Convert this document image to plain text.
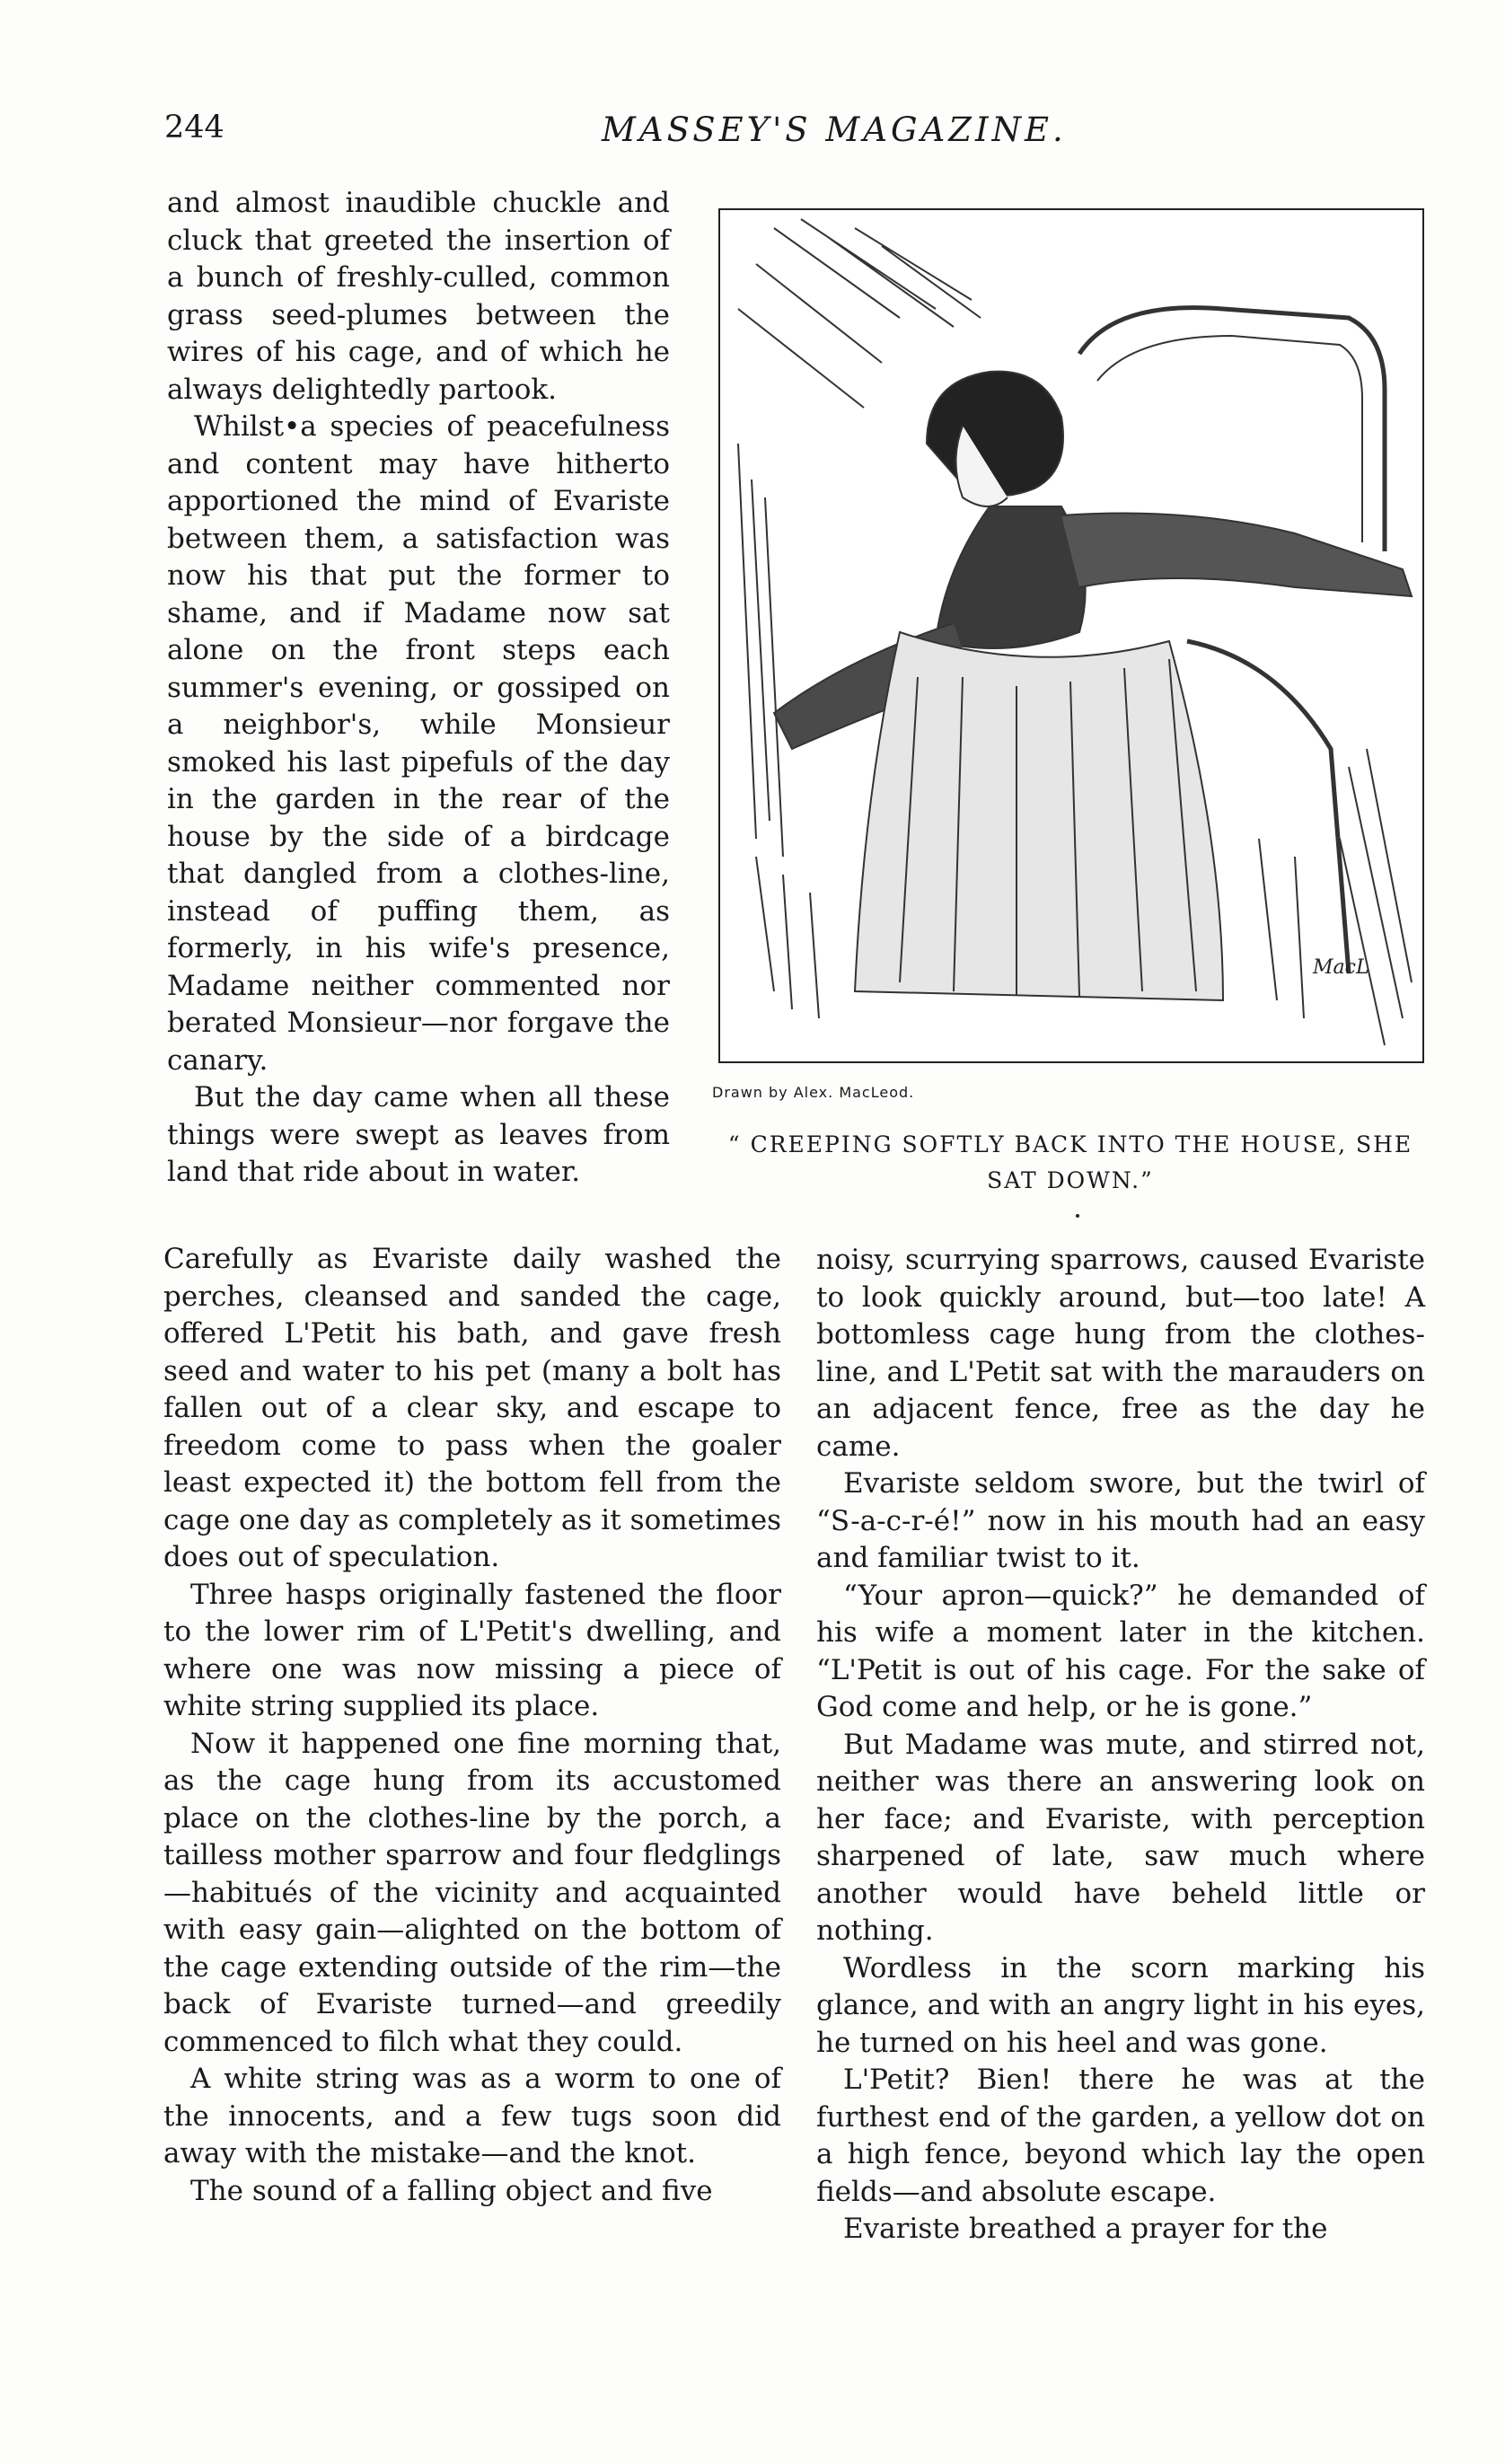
244	MASSEY'S MAGAZINE.

and almost inaudible chuckle and cluck that greeted the insertion of a bunch of freshly-culled, common grass seed-plumes between the wires of his cage, and of which he always delightedly partook.

Whilst•a species of peacefulness and content may have hitherto apportioned the mind of Evariste between them, a satisfaction was now his that put the former to shame, and if Madame now sat alone on the front steps each summer's evening, or gossiped on a neighbor's, while Monsieur smoked his last pipefuls of the day in the garden in the rear of the house by the side of a birdcage that dangled from a clothes-line, instead of puffing them, as formerly, in his wife's presence, Madame neither commented nor berated Monsieur—nor forgave the canary.

But the day came when all these things were swept as leaves from land that ride about in water.

MacL
Drawn by Alex. MacLeod.
“ CREEPING SOFTLY BACK INTO THE HOUSE, SHE SAT DOWN.”

Carefully as Evariste daily washed the perches, cleansed and sanded the cage, offered L'Petit his bath, and gave fresh seed and water to his pet (many a bolt has fallen out of a clear sky, and escape to freedom come to pass when the goaler least expected it) the bottom fell from the cage one day as completely as it sometimes does out of speculation.

Three hasps originally fastened the floor to the lower rim of L'Petit's dwelling, and where one was now missing a piece of white string supplied its place.

Now it happened one fine morning that, as the cage hung from its accustomed place on the clothes-line by the porch, a tailless mother sparrow and four fledglings—habitués of the vicinity and acquainted with easy gain—alighted on the bottom of the cage extending outside of the rim—the back of Evariste turned—and greedily commenced to filch what they could.

A white string was as a worm to one of the innocents, and a few tugs soon did away with the mistake—and the knot.

The sound of a falling object and five

noisy, scurrying sparrows, caused Evariste to look quickly around, but—too late! A bottomless cage hung from the clothes-line, and L'Petit sat with the marauders on an adjacent fence, free as the day he came.

Evariste seldom swore, but the twirl of “S-a-c-r-é!” now in his mouth had an easy and familiar twist to it.

“Your apron—quick?” he demanded of his wife a moment later in the kitchen. “L'Petit is out of his cage. For the sake of God come and help, or he is gone.”

But Madame was mute, and stirred not, neither was there an answering look on her face; and Evariste, with perception sharpened of late, saw much where another would have beheld little or nothing.

Wordless in the scorn marking his glance, and with an angry light in his eyes, he turned on his heel and was gone.

L'Petit? Bien! there he was at the furthest end of the garden, a yellow dot on a high fence, beyond which lay the open fields—and absolute escape.

Evariste breathed a prayer for the
